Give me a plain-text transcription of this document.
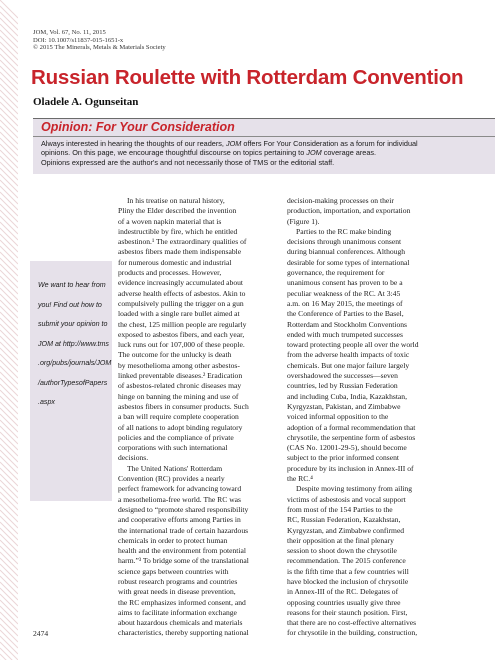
JOM, Vol. 67, No. 11, 2015
DOI: 10.1007/s11837-015-1651-x
© 2015 The Minerals, Metals & Materials Society
Russian Roulette with Rotterdam Convention
Oladele A. Ogunseitan
Opinion: For Your Consideration
Always interested in hearing the thoughts of our readers, JOM offers For Your Consideration as a forum for individual
opinions. On this page, we encourage thoughtful discourse on topics pertaining to JOM coverage areas.
Opinions expressed are the author's and not necessarily those of TMS or the editorial staff.
We want to hear from
you! Find out how to
submit your opinion to
JOM at http://www.tms
.org/pubs/journals/JOM
/authorTypesofPapers
.aspx
In his treatise on natural history,
Pliny the Elder described the invention
of a woven napkin material that is
indestructible by fire, which he entitled
asbestinon.¹ The extraordinary qualities of
asbestos fibers made them indispensable
for numerous domestic and industrial
products and processes. However,
evidence increasingly accumulated about
adverse health effects of asbestos. Akin to
compulsively pulling the trigger on a gun
loaded with a single rare bullet aimed at
the chest, 125 million people are regularly
exposed to asbestos fibers, and each year,
luck runs out for 107,000 of these people.
The outcome for the unlucky is death
by mesothelioma among other asbestos-
linked preventable diseases.² Eradication
of asbestos-related chronic diseases may
hinge on banning the mining and use of
asbestos fibers in consumer products. Such
a ban will require complete cooperation
of all nations to adopt binding regulatory
policies and the compliance of private
corporations with such international
decisions.
The United Nations' Rotterdam
Convention (RC) provides a nearly
perfect framework for advancing toward
a mesothelioma-free world. The RC was
designed to “promote shared responsibility
and cooperative efforts among Parties in
the international trade of certain hazardous
chemicals in order to protect human
health and the environment from potential
harm.”³ To bridge some of the translational
science gaps between countries with
robust research programs and countries
with great needs in disease prevention,
the RC emphasizes informed consent, and
aims to facilitate information exchange
about hazardous chemicals and materials
characteristics, thereby supporting national
decision-making processes on their
production, importation, and exportation
(Figure 1).
Parties to the RC make binding
decisions through unanimous consent
during biannual conferences. Although
desirable for some types of international
governance, the requirement for
unanimous consent has proven to be a
peculiar weakness of the RC. At 3:45
a.m. on 16 May 2015, the meetings of
the Conference of Parties to the Basel,
Rotterdam and Stockholm Conventions
ended with much trumpeted successes
toward protecting people all over the world
from the adverse health impacts of toxic
chemicals. But one major failure largely
overshadowed the successes—seven
countries, led by Russian Federation
and including Cuba, India, Kazakhstan,
Kyrgyzstan, Pakistan, and Zimbabwe
voiced informal opposition to the
adoption of a formal recommendation that
chrysotile, the serpentine form of asbestos
(CAS No. 12001-29-5), should become
subject to the prior informed consent
procedure by its inclusion in Annex-III of
the RC.⁴
Despite moving testimony from ailing
victims of asbestosis and vocal support
from most of the 154 Parties to the
RC, Russian Federation, Kazakhstan,
Kyrgyzstan, and Zimbabwe confirmed
their opposition at the final plenary
session to shoot down the chrysotile
recommendation. The 2015 conference
is the fifth time that a few countries will
have blocked the inclusion of chrysotile
in Annex-III of the RC. Delegates of
opposing countries usually give three
reasons for their staunch position. First,
that there are no cost-effective alternatives
for chrysotile in the building, construction,
2474
